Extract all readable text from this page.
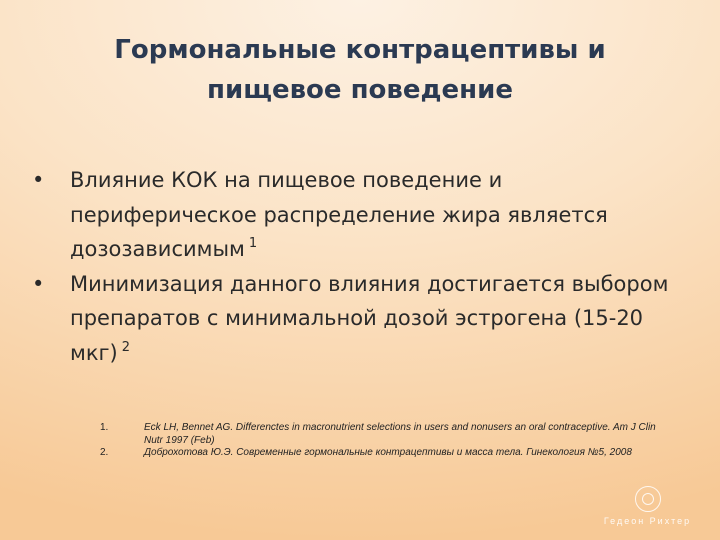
Гормональные контрацептивы и
пищевое поведение

• Влияние КОК на пищевое поведение и периферическое распределение жира является дозозависимым $^1$

• Минимизация данного влияния достигается выбором препаратов с минимальной дозой эстрогена (15-20 мкг) $^2$

1.	Eck LH, Bennet AG. Differenctes in macronutrient selections in users and nonusers an oral contraceptive. Am J Clin Nutr 1997 (Feb)
2.	Доброхотова Ю.Э. Современные гормональные контрацептивы и масса тела. Гинекология №5, 2008
Гедеон Рихтер
